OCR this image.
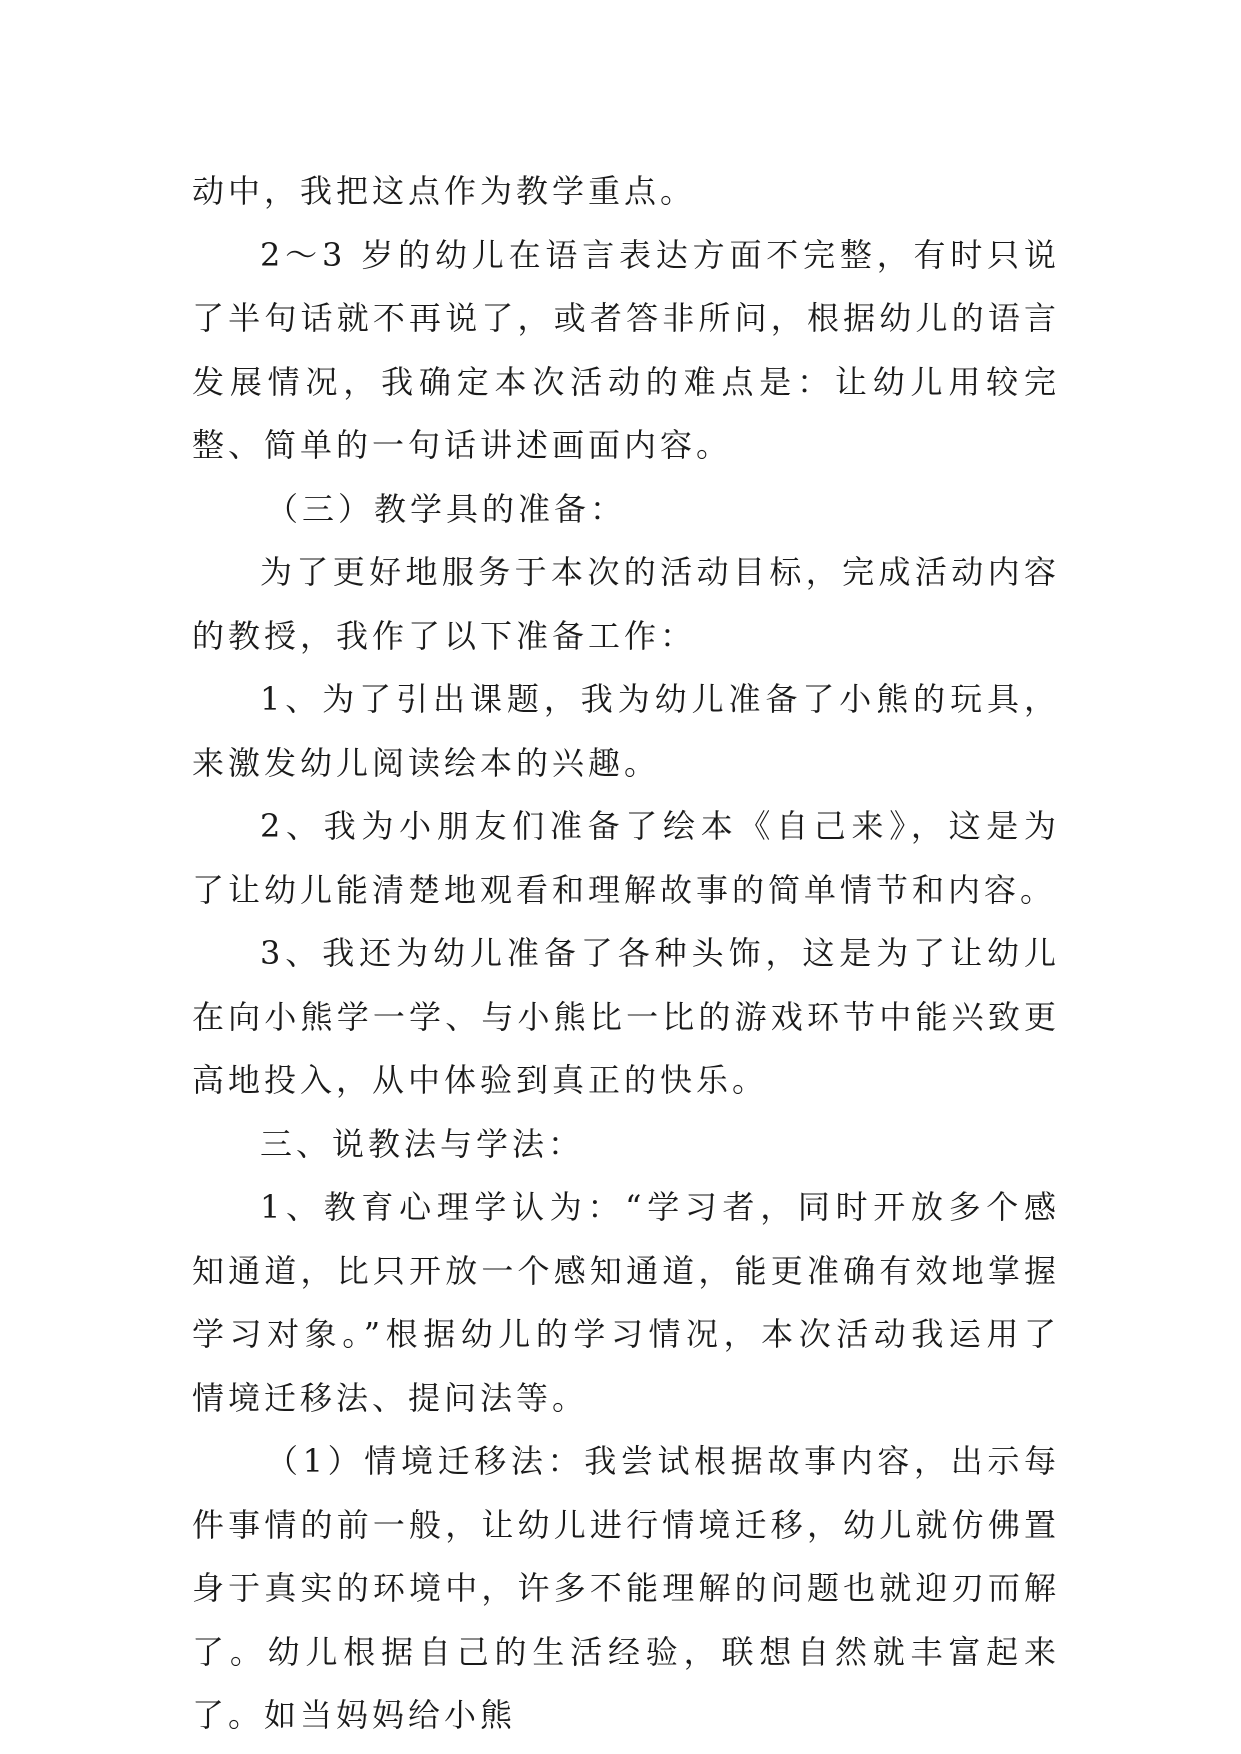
动中，我把这点作为教学重点。

2～3 岁的幼儿在语言表达方面不完整，有时只说了半句话就不再说了，或者答非所问，根据幼儿的语言发展情况，我确定本次活动的难点是：让幼儿用较完整、简单的一句话讲述画面内容。

（三）教学具的准备：

为了更好地服务于本次的活动目标，完成活动内容的教授，我作了以下准备工作：

1、为了引出课题，我为幼儿准备了小熊的玩具，来激发幼儿阅读绘本的兴趣。

2、我为小朋友们准备了绘本《自己来》，这是为了让幼儿能清楚地观看和理解故事的简单情节和内容。

3、我还为幼儿准备了各种头饰，这是为了让幼儿在向小熊学一学、与小熊比一比的游戏环节中能兴致更高地投入，从中体验到真正的快乐。

三、说教法与学法：

1、教育心理学认为：“学习者，同时开放多个感知通道，比只开放一个感知通道，能更准确有效地掌握学习对象。”根据幼儿的学习情况，本次活动我运用了情境迁移法、提问法等。

（1）情境迁移法：我尝试根据故事内容，出示每件事情的前一般，让幼儿进行情境迁移，幼儿就仿佛置身于真实的环境中，许多不能理解的问题也就迎刃而解了。幼儿根据自己的生活经验，联想自然就丰富起来了。如当妈妈给小熊
